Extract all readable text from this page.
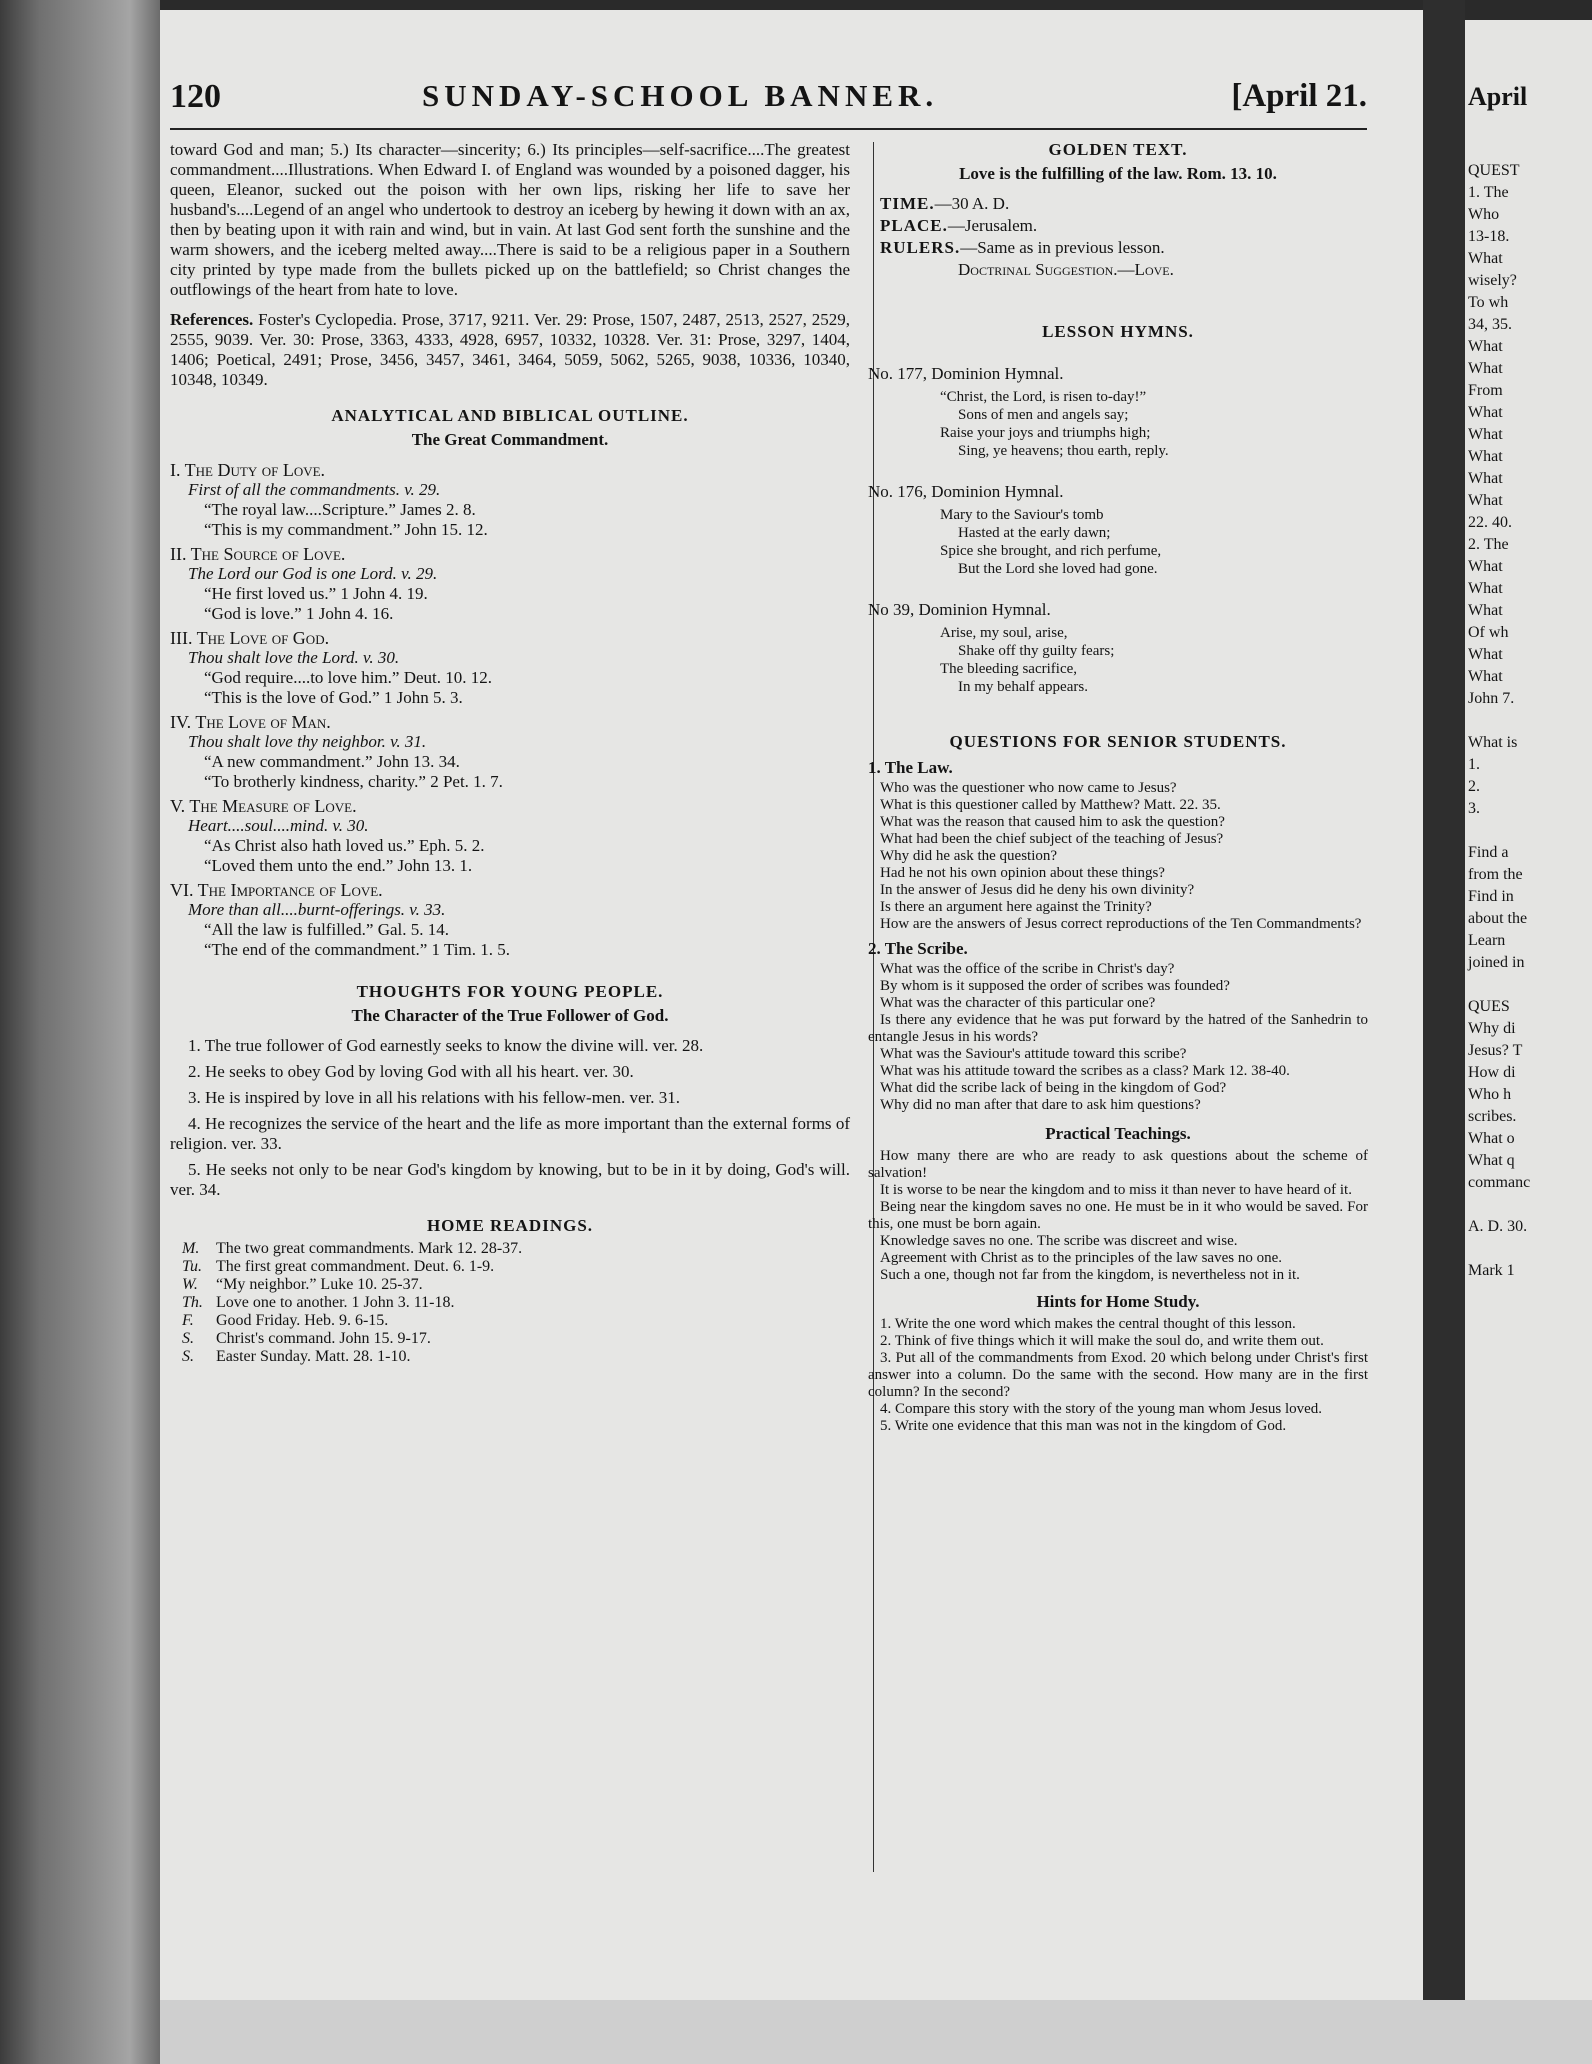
April
QUEST
1. The
Who
13-18.
What
wisely?
To wh
34, 35.
What
What
From
What
What
What
What
What
22. 40.
2. The
What
What
What
Of wh
What
What
John 7.
What is
1.
2.
3.
Find a
from the
Find in
about the
Learn
joined in
QUES
Why di
Jesus? T
How di
Who h
scribes.
What o
What q
commanc
A. D. 30.
Mark 1
120	SUNDAY-SCHOOL BANNER.	[April 21.

toward God and man; 5.) Its character—sincerity; 6.) Its principles—self-sacrifice....The greatest commandment....Illustrations. When Edward I. of England was wounded by a poisoned dagger, his queen, Eleanor, sucked out the poison with her own lips, risking her life to save her husband's....Legend of an angel who undertook to destroy an iceberg by hewing it down with an ax, then by beating upon it with rain and wind, but in vain. At last God sent forth the sunshine and the warm showers, and the iceberg melted away....There is said to be a religious paper in a Southern city printed by type made from the bullets picked up on the battlefield; so Christ changes the outflowings of the heart from hate to love.

References. Foster's Cyclopedia. Prose, 3717, 9211. Ver. 29: Prose, 1507, 2487, 2513, 2527, 2529, 2555, 9039. Ver. 30: Prose, 3363, 4333, 4928, 6957, 10332, 10328. Ver. 31: Prose, 3297, 1404, 1406; Poetical, 2491; Prose, 3456, 3457, 3461, 3464, 5059, 5062, 5265, 9038, 10336, 10340, 10348, 10349.

ANALYTICAL AND BIBLICAL OUTLINE.
The Great Commandment.
I. The Duty of Love.
First of all the commandments. v. 29.
“The royal law....Scripture.” James 2. 8.
“This is my commandment.” John 15. 12.
II. The Source of Love.
The Lord our God is one Lord. v. 29.
“He first loved us.” 1 John 4. 19.
“God is love.” 1 John 4. 16.
III. The Love of God.
Thou shalt love the Lord. v. 30.
“God require....to love him.” Deut. 10. 12.
“This is the love of God.” 1 John 5. 3.
IV. The Love of Man.
Thou shalt love thy neighbor. v. 31.
“A new commandment.” John 13. 34.
“To brotherly kindness, charity.” 2 Pet. 1. 7.
V. The Measure of Love.
Heart....soul....mind. v. 30.
“As Christ also hath loved us.” Eph. 5. 2.
“Loved them unto the end.” John 13. 1.
VI. The Importance of Love.
More than all....burnt-offerings. v. 33.
“All the law is fulfilled.” Gal. 5. 14.
“The end of the commandment.” 1 Tim. 1. 5.
THOUGHTS FOR YOUNG PEOPLE.
The Character of the True Follower of God.

1. The true follower of God earnestly seeks to know the divine will. ver. 28.

2. He seeks to obey God by loving God with all his heart. ver. 30.

3. He is inspired by love in all his relations with his fellow-men. ver. 31.

4. He recognizes the service of the heart and the life as more important than the external forms of religion. ver. 33.

5. He seeks not only to be near God's kingdom by knowing, but to be in it by doing, God's will. ver. 34.

HOME READINGS.
M. The two great commandments. Mark 12. 28-37.
Tu. The first great commandment. Deut. 6. 1-9.
W. “My neighbor.” Luke 10. 25-37.
Th. Love one to another. 1 John 3. 11-18.
F. Good Friday. Heb. 9. 6-15.
S. Christ's command. John 15. 9-17.
S. Easter Sunday. Matt. 28. 1-10.
GOLDEN TEXT.
Love is the fulfilling of the law. Rom. 13. 10.
TIME.—30 A. D.
PLACE.—Jerusalem.
RULERS.—Same as in previous lesson.
Doctrinal Suggestion.—Love.
LESSON HYMNS.
No. 177, Dominion Hymnal.
“Christ, the Lord, is risen to-day!”
Sons of men and angels say;
Raise your joys and triumphs high;
Sing, ye heavens; thou earth, reply.
No. 176, Dominion Hymnal.
Mary to the Saviour's tomb
Hasted at the early dawn;
Spice she brought, and rich perfume,
But the Lord she loved had gone.
No 39, Dominion Hymnal.
Arise, my soul, arise,
Shake off thy guilty fears;
The bleeding sacrifice,
In my behalf appears.
QUESTIONS FOR SENIOR STUDENTS.
1. The Law.

Who was the questioner who now came to Jesus?

What is this questioner called by Matthew? Matt. 22. 35.

What was the reason that caused him to ask the question?

What had been the chief subject of the teaching of Jesus?

Why did he ask the question?

Had he not his own opinion about these things?

In the answer of Jesus did he deny his own divinity?

Is there an argument here against the Trinity?

How are the answers of Jesus correct reproductions of the Ten Commandments?

2. The Scribe.

What was the office of the scribe in Christ's day?

By whom is it supposed the order of scribes was founded?

What was the character of this particular one?

Is there any evidence that he was put forward by the hatred of the Sanhedrin to entangle Jesus in his words?

What was the Saviour's attitude toward this scribe?

What was his attitude toward the scribes as a class? Mark 12. 38-40.

What did the scribe lack of being in the kingdom of God?

Why did no man after that dare to ask him questions?

Practical Teachings.

How many there are who are ready to ask questions about the scheme of salvation!

It is worse to be near the kingdom and to miss it than never to have heard of it.

Being near the kingdom saves no one. He must be in it who would be saved. For this, one must be born again.

Knowledge saves no one. The scribe was discreet and wise.

Agreement with Christ as to the principles of the law saves no one.

Such a one, though not far from the kingdom, is nevertheless not in it.

Hints for Home Study.

1. Write the one word which makes the central thought of this lesson.

2. Think of five things which it will make the soul do, and write them out.

3. Put all of the commandments from Exod. 20 which belong under Christ's first answer into a column. Do the same with the second. How many are in the first column? In the second?

4. Compare this story with the story of the young man whom Jesus loved.

5. Write one evidence that this man was not in the kingdom of God.
